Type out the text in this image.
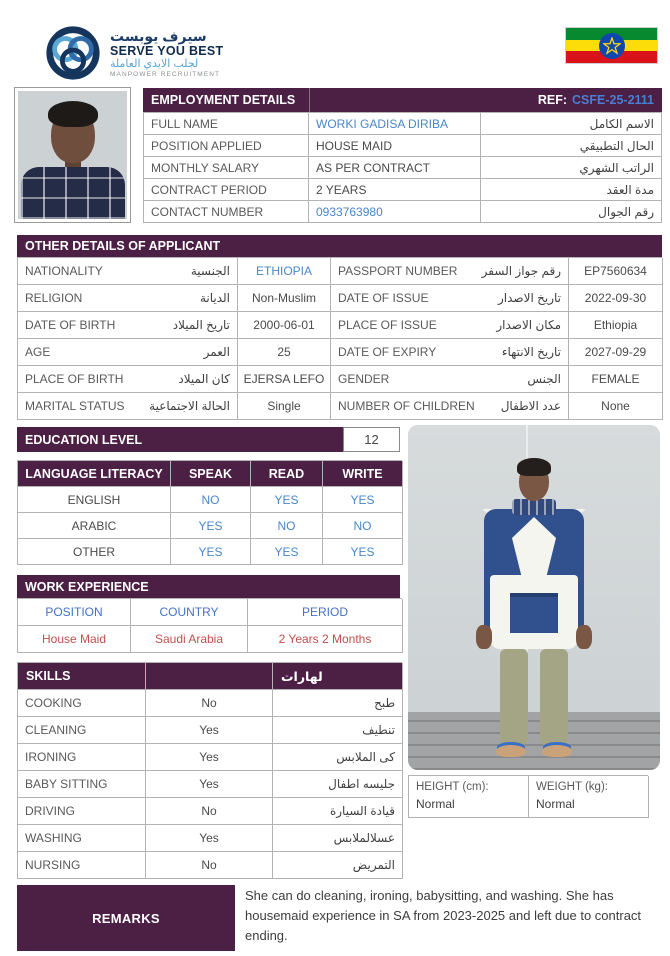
سيرف يوبست
SERVE YOU BEST
لجلب الايدي العاملة
MANPOWER RECRUITMENT
EMPLOYMENT DETAILS	REF: CSFE-25-2111
FULL NAME	WORKI GADISA DIRIBA	الاسم الكامل
POSITION APPLIED	HOUSE MAID	الحال التطبيقي
MONTHLY SALARY	AS PER CONTRACT	الراتب الشهري
CONTRACT PERIOD	2 YEARS	مدة العقد
CONTACT NUMBER	0933763980	رقم الجوال
OTHER DETAILS OF APPLICANT
NATIONALITY	الجنسية	ETHIOPIA	PASSPORT NUMBER رقم جواز السفر	EP7560634
RELIGION	الديانة	Non-Muslim	DATE OF ISSUE	تاريخ الاصدار	2022-09-30
DATE OF BIRTH	تاريخ الميلاد	2000-06-01	PLACE OF ISSUE	مكان الاصدار	Ethiopia
AGE	العمر	25	DATE OF EXPIRY	تاريخ الانتهاء	2027-09-29
PLACE OF BIRTH	كان الميلاد	EJERSA LEFO	GENDER	الجنس	FEMALE
MARITAL STATUS الحالة الاجتماعية	Single	NUMBER OF CHILDREN عدد الاطفال	None
EDUCATION LEVEL	12
LANGUAGE LITERACY	SPEAK	READ	WRITE
ENGLISH	NO	YES	YES
ARABIC	YES	NO	NO
OTHER	YES	YES	YES
WORK EXPERIENCE
POSITION	COUNTRY	PERIOD
House Maid	Saudi Arabia	2 Years 2 Months
SKILLS	لهارات
COOKING	No	طبح
CLEANING	Yes	تنطيف
IRONING	Yes	كى الملابس
BABY SITTING	Yes	جليسه اطفال
DRIVING	No	قيادة السيارة
WASHING	Yes	عسلالملابس
NURSING	No	التمريض
HEIGHT (cm):
Normal
WEIGHT (kg):
Normal
REMARKS
She can do cleaning, ironing, babysitting, and washing. She has housemaid experience in SA from 2023-2025 and left due to contract ending.
